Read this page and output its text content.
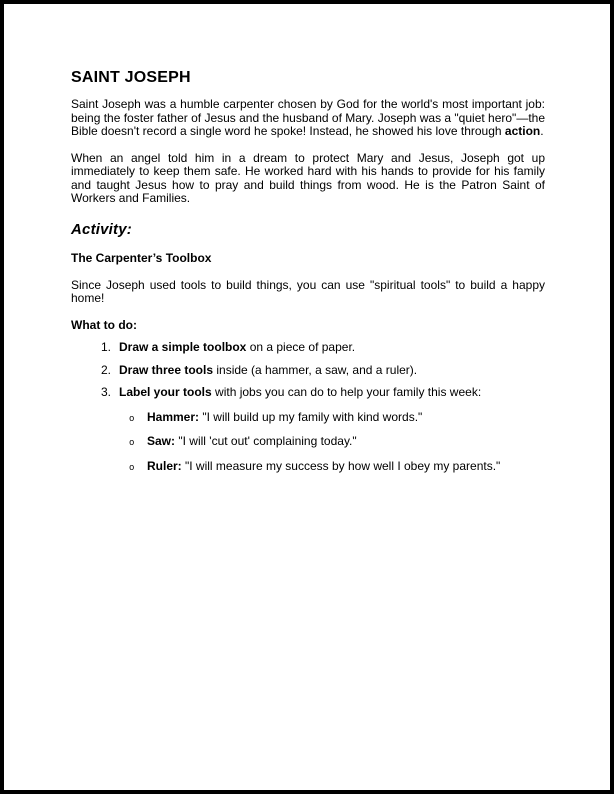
SAINT JOSEPH

Saint Joseph was a humble carpenter chosen by God for the world's most important job: being the foster father of Jesus and the husband of Mary. Joseph was a "quiet hero"—the Bible doesn't record a single word he spoke! Instead, he showed his love through action.

When an angel told him in a dream to protect Mary and Jesus, Joseph got up immediately to keep them safe. He worked hard with his hands to provide for his family and taught Jesus how to pray and build things from wood. He is the Patron Saint of Workers and Families.

Activity:
The Carpenter’s Toolbox

Since Joseph used tools to build things, you can use "spiritual tools" to build a happy home!

What to do:

1. Draw a simple toolbox on a piece of paper.
2. Draw three tools inside (a hammer, a saw, and a ruler).
3. Label your tools with jobs you can do to help your family this week:
o	Hammer: "I will build up my family with kind words."
o	Saw: "I will 'cut out' complaining today."
o	Ruler: "I will measure my success by how well I obey my parents."
